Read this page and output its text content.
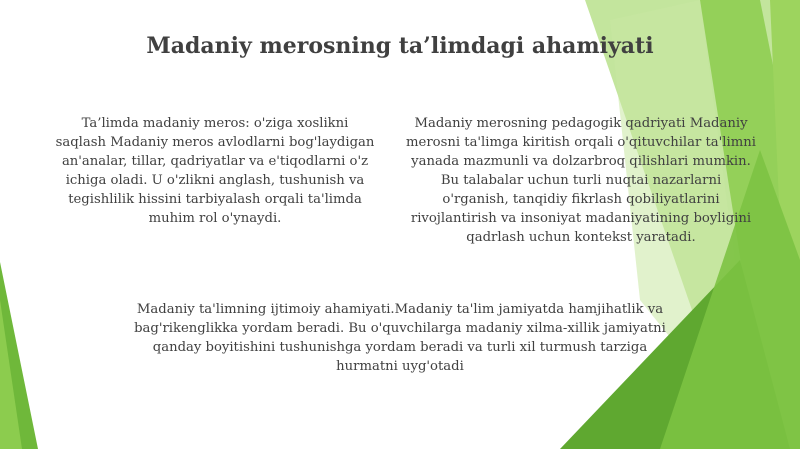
Madaniy merosning ta’limdagi ahamiyati
Ta’limda madaniy meros: o'ziga xoslikni saqlash Madaniy meros avlodlarni bog'laydigan an'analar, tillar, qadriyatlar va e'tiqodlarni o'z ichiga oladi. U o'zlikni anglash, tushunish va tegishlilik hissini tarbiyalash orqali ta'limda muhim rol o'ynaydi.
Madaniy merosning pedagogik qadriyati Madaniy merosni ta'limga kiritish orqali o'qituvchilar ta'limni yanada mazmunli va dolzarbroq qilishlari mumkin. Bu talabalar uchun turli nuqtai nazarlarni o'rganish, tanqidiy fikrlash qobiliyatlarini rivojlantirish va insoniyat madaniyatining boyligini qadrlash uchun kontekst yaratadi.
Madaniy ta'limning ijtimoiy ahamiyati.Madaniy ta'lim jamiyatda hamjihatlik va bag'rikenglikka yordam beradi. Bu o'quvchilarga madaniy xilma-xillik jamiyatni qanday boyitishini tushunishga yordam beradi va turli xil turmush tarziga hurmatni uyg'otadi
